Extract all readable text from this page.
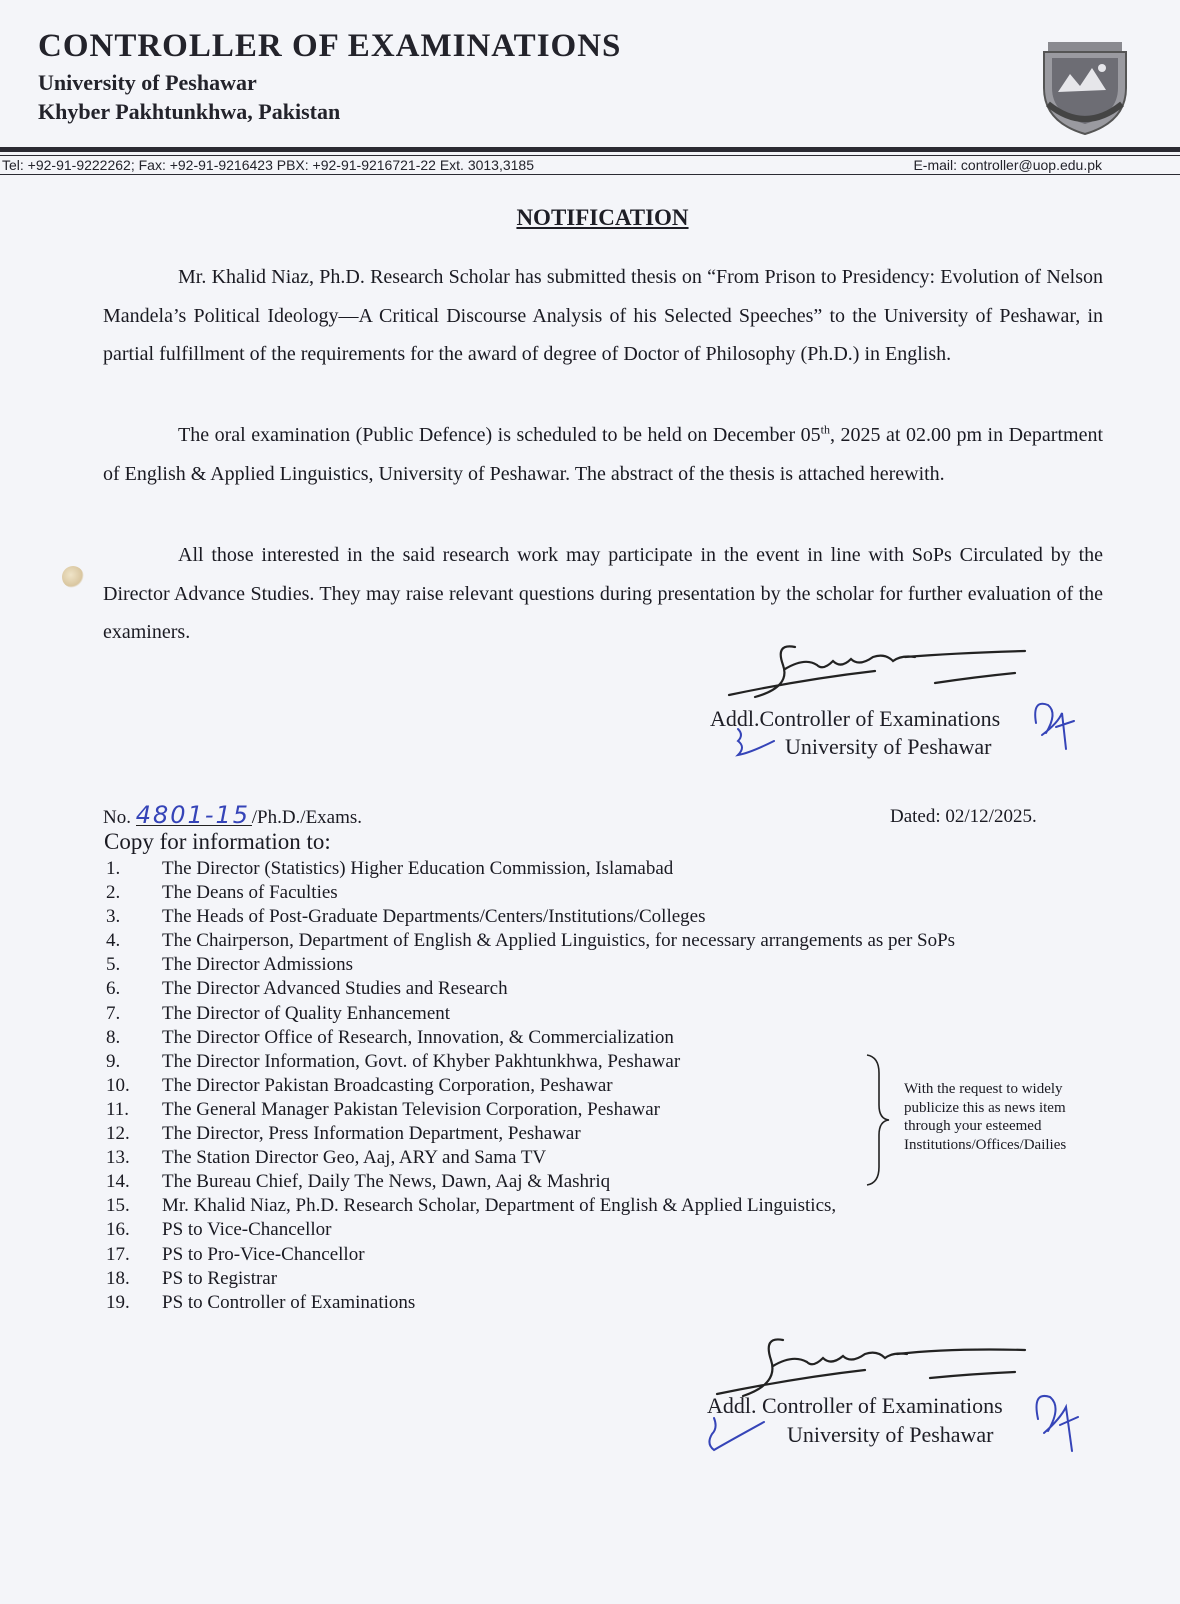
CONTROLLER OF EXAMINATIONS
University of Peshawar
Khyber Pakhtunkhwa, Pakistan
Tel: +92-91-9222262; Fax: +92-91-9216423 PBX: +92-91-9216721-22 Ext. 3013,3185	E-mail: controller@uop.edu.pk
NOTIFICATION
Mr. Khalid Niaz, Ph.D. Research Scholar has submitted thesis on “From Prison to Presidency: Evolution of Nelson Mandela’s Political Ideology—A Critical Discourse Analysis of his Selected Speeches” to the University of Peshawar, in partial fulfillment of the requirements for the award of degree of Doctor of Philosophy (Ph.D.) in English.
The oral examination (Public Defence) is scheduled to be held on December 05th, 2025 at 02.00 pm in Department of English & Applied Linguistics, University of Peshawar. The abstract of the thesis is attached herewith.
All those interested in the said research work may participate in the event in line with SoPs Circulated by the Director Advance Studies. They may raise relevant questions during presentation by the scholar for further evaluation of the examiners.
Addl.Controller of Examinations
University of Peshawar
No. 4801-15/Ph.D./Exams.	Dated: 02/12/2025.
Copy for information to:
1. The Director (Statistics) Higher Education Commission, Islamabad
2. The Deans of Faculties
3. The Heads of Post-Graduate Departments/Centers/Institutions/Colleges
4. The Chairperson, Department of English & Applied Linguistics, for necessary arrangements as per SoPs
5. The Director Admissions
6. The Director Advanced Studies and Research
7. The Director of Quality Enhancement
8. The Director Office of Research, Innovation, & Commercialization
9. The Director Information, Govt. of Khyber Pakhtunkhwa, Peshawar
10. The Director Pakistan Broadcasting Corporation, Peshawar
11. The General Manager Pakistan Television Corporation, Peshawar
12. The Director, Press Information Department, Peshawar
13. The Station Director Geo, Aaj, ARY and Sama TV
14. The Bureau Chief, Daily The News, Dawn, Aaj & Mashriq
15. Mr. Khalid Niaz, Ph.D. Research Scholar, Department of English & Applied Linguistics,
16. PS to Vice-Chancellor
17. PS to Pro-Vice-Chancellor
18. PS to Registrar
19. PS to Controller of Examinations
With the request to widely publicize this as news item through your esteemed Institutions/Offices/Dailies
Addl. Controller of Examinations
University of Peshawar
